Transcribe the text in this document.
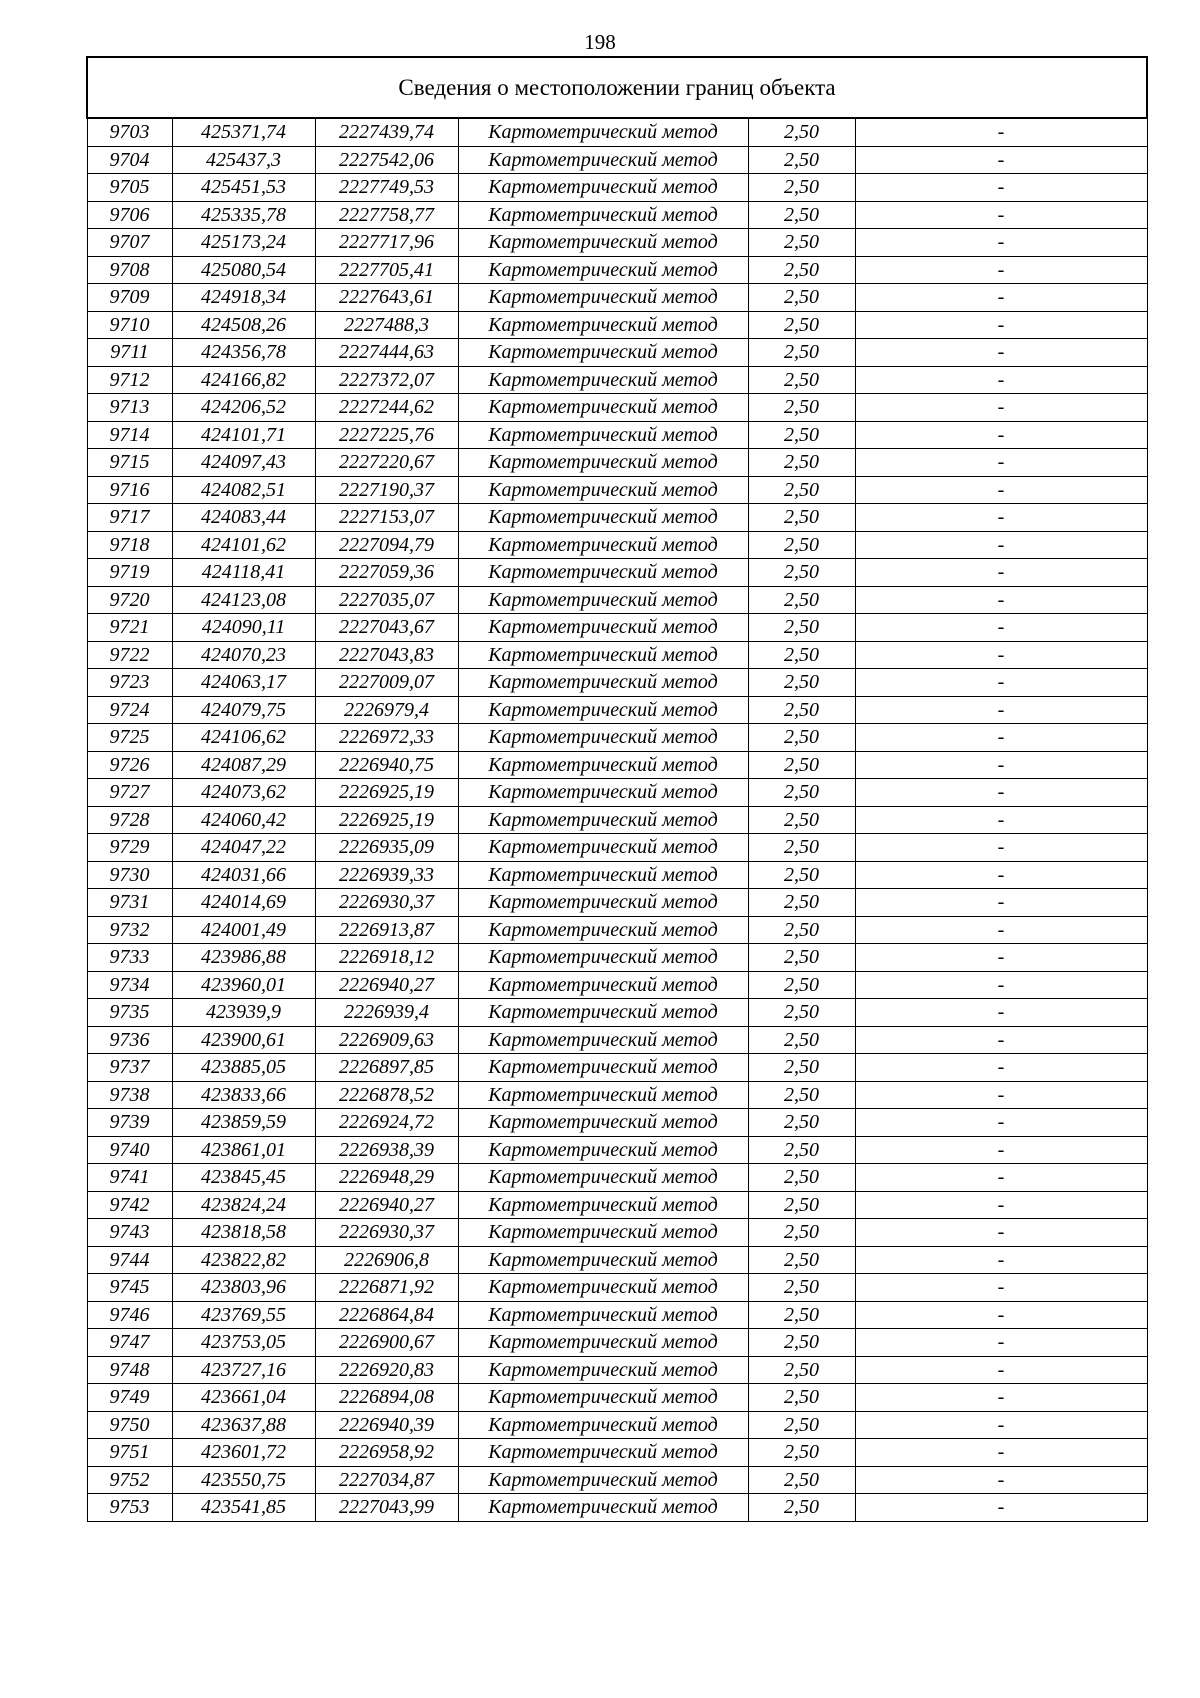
198
Сведения о местоположении границ объекта					
9703	425371,74	2227439,74	Картометрический метод	2,50	-
9704	425437,3	2227542,06	Картометрический метод	2,50	-
9705	425451,53	2227749,53	Картометрический метод	2,50	-
9706	425335,78	2227758,77	Картометрический метод	2,50	-
9707	425173,24	2227717,96	Картометрический метод	2,50	-
9708	425080,54	2227705,41	Картометрический метод	2,50	-
9709	424918,34	2227643,61	Картометрический метод	2,50	-
9710	424508,26	2227488,3	Картометрический метод	2,50	-
9711	424356,78	2227444,63	Картометрический метод	2,50	-
9712	424166,82	2227372,07	Картометрический метод	2,50	-
9713	424206,52	2227244,62	Картометрический метод	2,50	-
9714	424101,71	2227225,76	Картометрический метод	2,50	-
9715	424097,43	2227220,67	Картометрический метод	2,50	-
9716	424082,51	2227190,37	Картометрический метод	2,50	-
9717	424083,44	2227153,07	Картометрический метод	2,50	-
9718	424101,62	2227094,79	Картометрический метод	2,50	-
9719	424118,41	2227059,36	Картометрический метод	2,50	-
9720	424123,08	2227035,07	Картометрический метод	2,50	-
9721	424090,11	2227043,67	Картометрический метод	2,50	-
9722	424070,23	2227043,83	Картометрический метод	2,50	-
9723	424063,17	2227009,07	Картометрический метод	2,50	-
9724	424079,75	2226979,4	Картометрический метод	2,50	-
9725	424106,62	2226972,33	Картометрический метод	2,50	-
9726	424087,29	2226940,75	Картометрический метод	2,50	-
9727	424073,62	2226925,19	Картометрический метод	2,50	-
9728	424060,42	2226925,19	Картометрический метод	2,50	-
9729	424047,22	2226935,09	Картометрический метод	2,50	-
9730	424031,66	2226939,33	Картометрический метод	2,50	-
9731	424014,69	2226930,37	Картометрический метод	2,50	-
9732	424001,49	2226913,87	Картометрический метод	2,50	-
9733	423986,88	2226918,12	Картометрический метод	2,50	-
9734	423960,01	2226940,27	Картометрический метод	2,50	-
9735	423939,9	2226939,4	Картометрический метод	2,50	-
9736	423900,61	2226909,63	Картометрический метод	2,50	-
9737	423885,05	2226897,85	Картометрический метод	2,50	-
9738	423833,66	2226878,52	Картометрический метод	2,50	-
9739	423859,59	2226924,72	Картометрический метод	2,50	-
9740	423861,01	2226938,39	Картометрический метод	2,50	-
9741	423845,45	2226948,29	Картометрический метод	2,50	-
9742	423824,24	2226940,27	Картометрический метод	2,50	-
9743	423818,58	2226930,37	Картометрический метод	2,50	-
9744	423822,82	2226906,8	Картометрический метод	2,50	-
9745	423803,96	2226871,92	Картометрический метод	2,50	-
9746	423769,55	2226864,84	Картометрический метод	2,50	-
9747	423753,05	2226900,67	Картометрический метод	2,50	-
9748	423727,16	2226920,83	Картометрический метод	2,50	-
9749	423661,04	2226894,08	Картометрический метод	2,50	-
9750	423637,88	2226940,39	Картометрический метод	2,50	-
9751	423601,72	2226958,92	Картометрический метод	2,50	-
9752	423550,75	2227034,87	Картометрический метод	2,50	-
9753	423541,85	2227043,99	Картометрический метод	2,50	-
